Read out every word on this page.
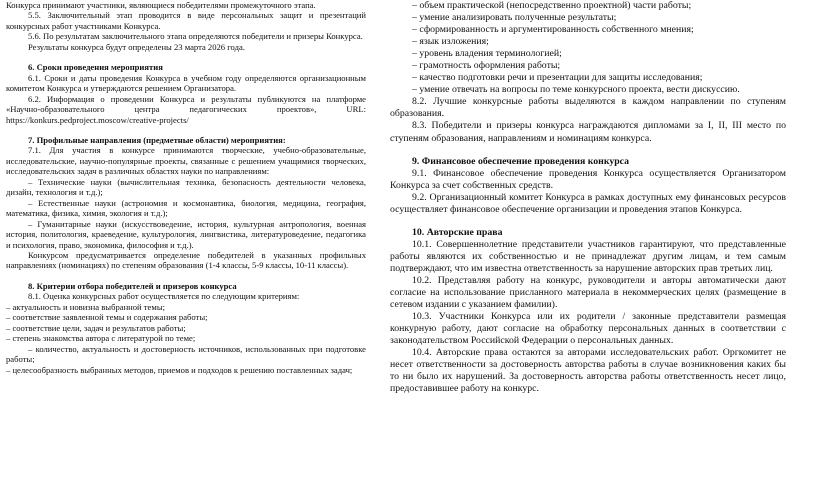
Конкурса принимают участники, являющиеся победителями промежуточного этапа.

5.5. Заключительный этап проводится в виде персональных защит и презентаций конкурсных работ участниками Конкурса.

5.6. По результатам заключительного этапа определяются победители и призеры Конкурса.

Результаты конкурса будут определены 23 марта 2026 года.

6. Сроки проведения мероприятия

6.1. Сроки и даты проведения Конкурса в учебном году определяются организационным комитетом Конкурса и утверждаются решением Организатора.

6.2. Информация о проведении Конкурса и результаты публикуются на платформе «Научно-образовательного центра педагогических проектов», URL: https://konkurs.pedproject.moscow/creative-projects/

7. Профильные направления (предметные области) мероприятия:

7.1. Для участия в конкурсе принимаются творческие, учебно-образовательные, исследовательские, научно-популярные проекты, связанные с решением учащимися творческих, исследовательских задач в различных областях науки по направлениям:

– Технические науки (вычислительная техника, безопасность деятельности человека, дизайн, технология и т.д.);

– Естественные науки (астрономия и космонавтика, биология, медицина, география, математика, физика, химия, экология и т.д.);

– Гуманитарные науки (искусствоведение, история, культурная антропология, военная история, политология, краеведение, культурология, лингвистика, литературоведение, педагогика и психология, право, экономика, философия и т.д.).

Конкурсом предусматривается определение победителей в указанных профильных направлениях (номинациях) по степеням образования (1-4 классы, 5-9 классы, 10-11 классы).

8. Критерии отбора победителей и призеров конкурса

8.1. Оценка конкурсных работ осуществляется по следующим критериям:

– актуальность и новизна выбранной темы;

– соответствие заявленной темы и содержания работы;

– соответствие цели, задач и результатов работы;

– степень знакомства автора с литературой по теме;

– количество, актуальность и достоверность источников, использованных при подготовке работы;

– целесообразность выбранных методов, приемов и подходов к решению поставленных задач;

– объем практической (непосредственно проектной) части работы;

– умение анализировать полученные результаты;

– сформированность и аргументированность собственного мнения;

– язык изложения;

– уровень владения терминологией;

– грамотность оформления работы;

– качество подготовки речи и презентации для защиты исследования;

– умение отвечать на вопросы по теме конкурсного проекта, вести дискуссию.

8.2. Лучшие конкурсные работы выделяются в каждом направлении по ступеням образования.

8.3. Победители и призеры конкурса награждаются дипломами за I, II, III место по ступеням образования, направлениям и номинациям конкурса.

9. Финансовое обеспечение проведения конкурса

9.1. Финансовое обеспечение проведения Конкурса осуществляется Организатором Конкурса за счет собственных средств.

9.2. Организационный комитет Конкурса в рамках доступных ему финансовых ресурсов осуществляет финансовое обеспечение организации и проведения этапов Конкурса.

10. Авторские права

10.1. Совершеннолетние представители участников гарантируют, что представленные работы являются их собственностью и не принадлежат другим лицам, и тем самым подтверждают, что им известна ответственность за нарушение авторских прав третьих лиц.

10.2. Представляя работу на конкурс, руководители и авторы автоматически дают согласие на использование присланного материала в некоммерческих целях (размещение в сетевом издании с указанием фамилии).

10.3. Участники Конкурса или их родители / законные представители размещая конкурную работу, дают согласие на обработку персональных данных в соответствии с законодательством Российской Федерации о персональных данных.

10.4. Авторские права остаются за авторами исследовательских работ. Оргкомитет не несет ответственности за достоверность авторства работы в случае возникновения каких бы то ни было их нарушений. За достоверность авторства работы ответственность несет лицо, предоставившее работу на конкурс.
